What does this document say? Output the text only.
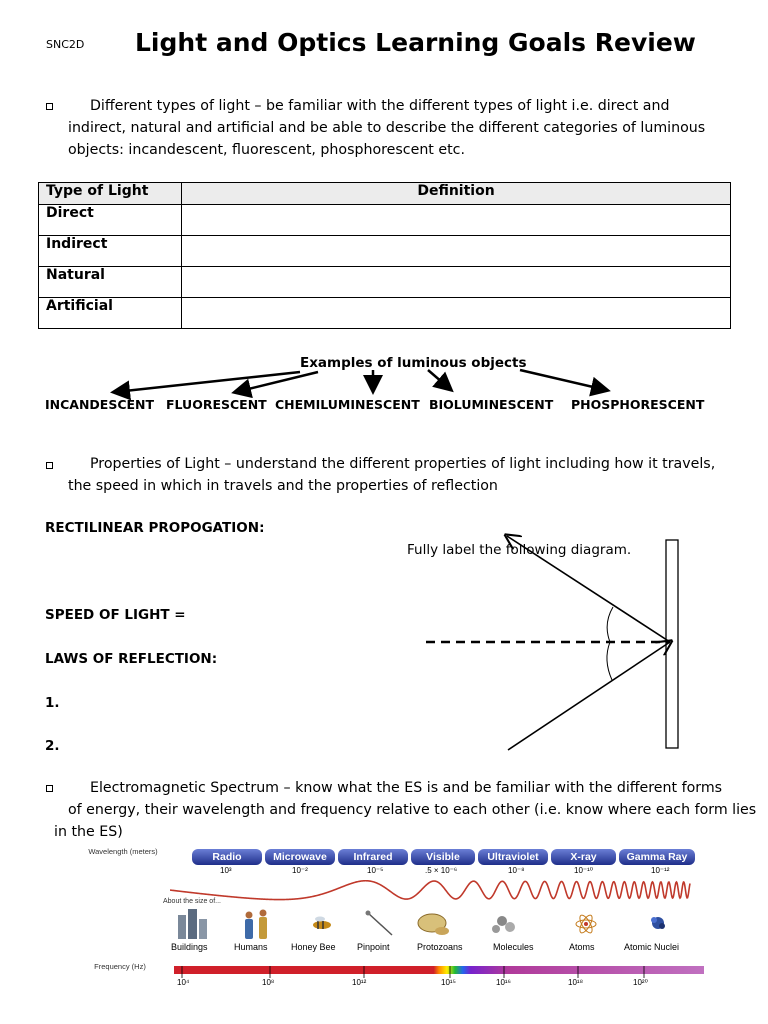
SNC2D Light and Optics Learning Goals Review
Different types of light – be familiar with the different types of light i.e. direct and
indirect, natural and artificial and be able to describe the different categories of luminous
objects: incandescent, fluorescent, phosphorescent etc.
Type of Light	Definition
Direct	
Indirect	
Natural	
Artificial	
Examples of luminous objects
INCANDESCENT FLUORESCENT CHEMILUMINESCENT BIOLUMINESCENT PHOSPHORESCENT
Properties of Light – understand the different properties of light including how it travels,
the speed in which in travels and the properties of reflection
RECTILINEAR PROPOGATION:
SPEED OF LIGHT =
LAWS OF REFLECTION:
1.
2.
Fully label the following diagram.
Electromagnetic Spectrum – know what the ES is and be familiar with the different forms
of energy, their wavelength and frequency relative to each other (i.e. know where each form lies
in the ES)
Wavelength (meters)	Radio	Microwave	Infrared	Visible	Ultraviolet	X-ray	Gamma Ray
10³	10⁻²	10⁻⁵	.5 × 10⁻⁶	10⁻⁸	10⁻¹⁰	10⁻¹²
About the size of...
Buildings	Humans	Honey Bee Pinpoint	Protozoans	Molecules	Atoms	Atomic Nuclei
Frequency (Hz)
10⁴	10⁸	10¹²	10¹⁵	10¹⁶	10¹⁸	10²⁰
